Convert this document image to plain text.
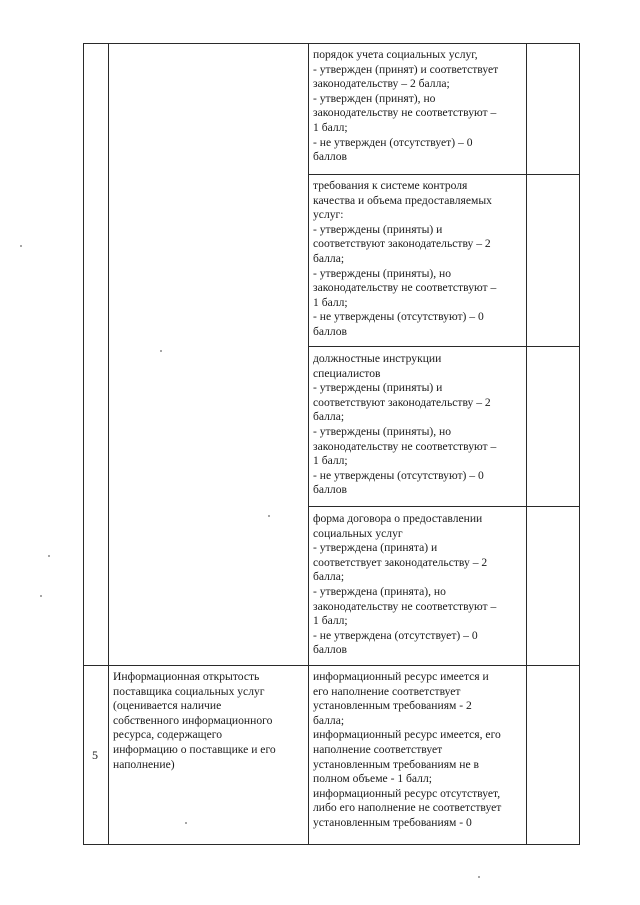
порядок учета социальных услуг,
- утвержден (принят) и соответствует
законодательству – 2 балла;
- утвержден (принят), но
законодательству не соответствуют –
1 балл;
- не утвержден (отсутствует) – 0
баллов
требования к системе контроля
качества и объема предоставляемых
услуг:
- утверждены (приняты) и
соответствуют законодательству – 2
балла;
- утверждены (приняты), но
законодательству не соответствуют –
1 балл;
- не утверждены (отсутствуют) – 0
баллов
должностные инструкции
специалистов
- утверждены (приняты) и
соответствуют законодательству – 2
балла;
- утверждены (приняты), но
законодательству не соответствуют –
1 балл;
- не утверждены (отсутствуют) – 0
баллов
форма договора о предоставлении
социальных услуг
- утверждена (принята) и
соответствует законодательству – 2
балла;
- утверждена (принята), но
законодательству не соответствуют –
1 балл;
- не утверждена (отсутствует) – 0
баллов
5
Информационная открытость
поставщика социальных услуг
(оценивается наличие
собственного информационного
ресурса, содержащего
информацию о поставщике и его
наполнение)
информационный ресурс имеется и
его наполнение соответствует
установленным требованиям - 2
балла;
информационный ресурс имеется, его
наполнение соответствует
установленным требованиям не в
полном объеме - 1 балл;
информационный ресурс отсутствует,
либо его наполнение не соответствует
установленным требованиям - 0
